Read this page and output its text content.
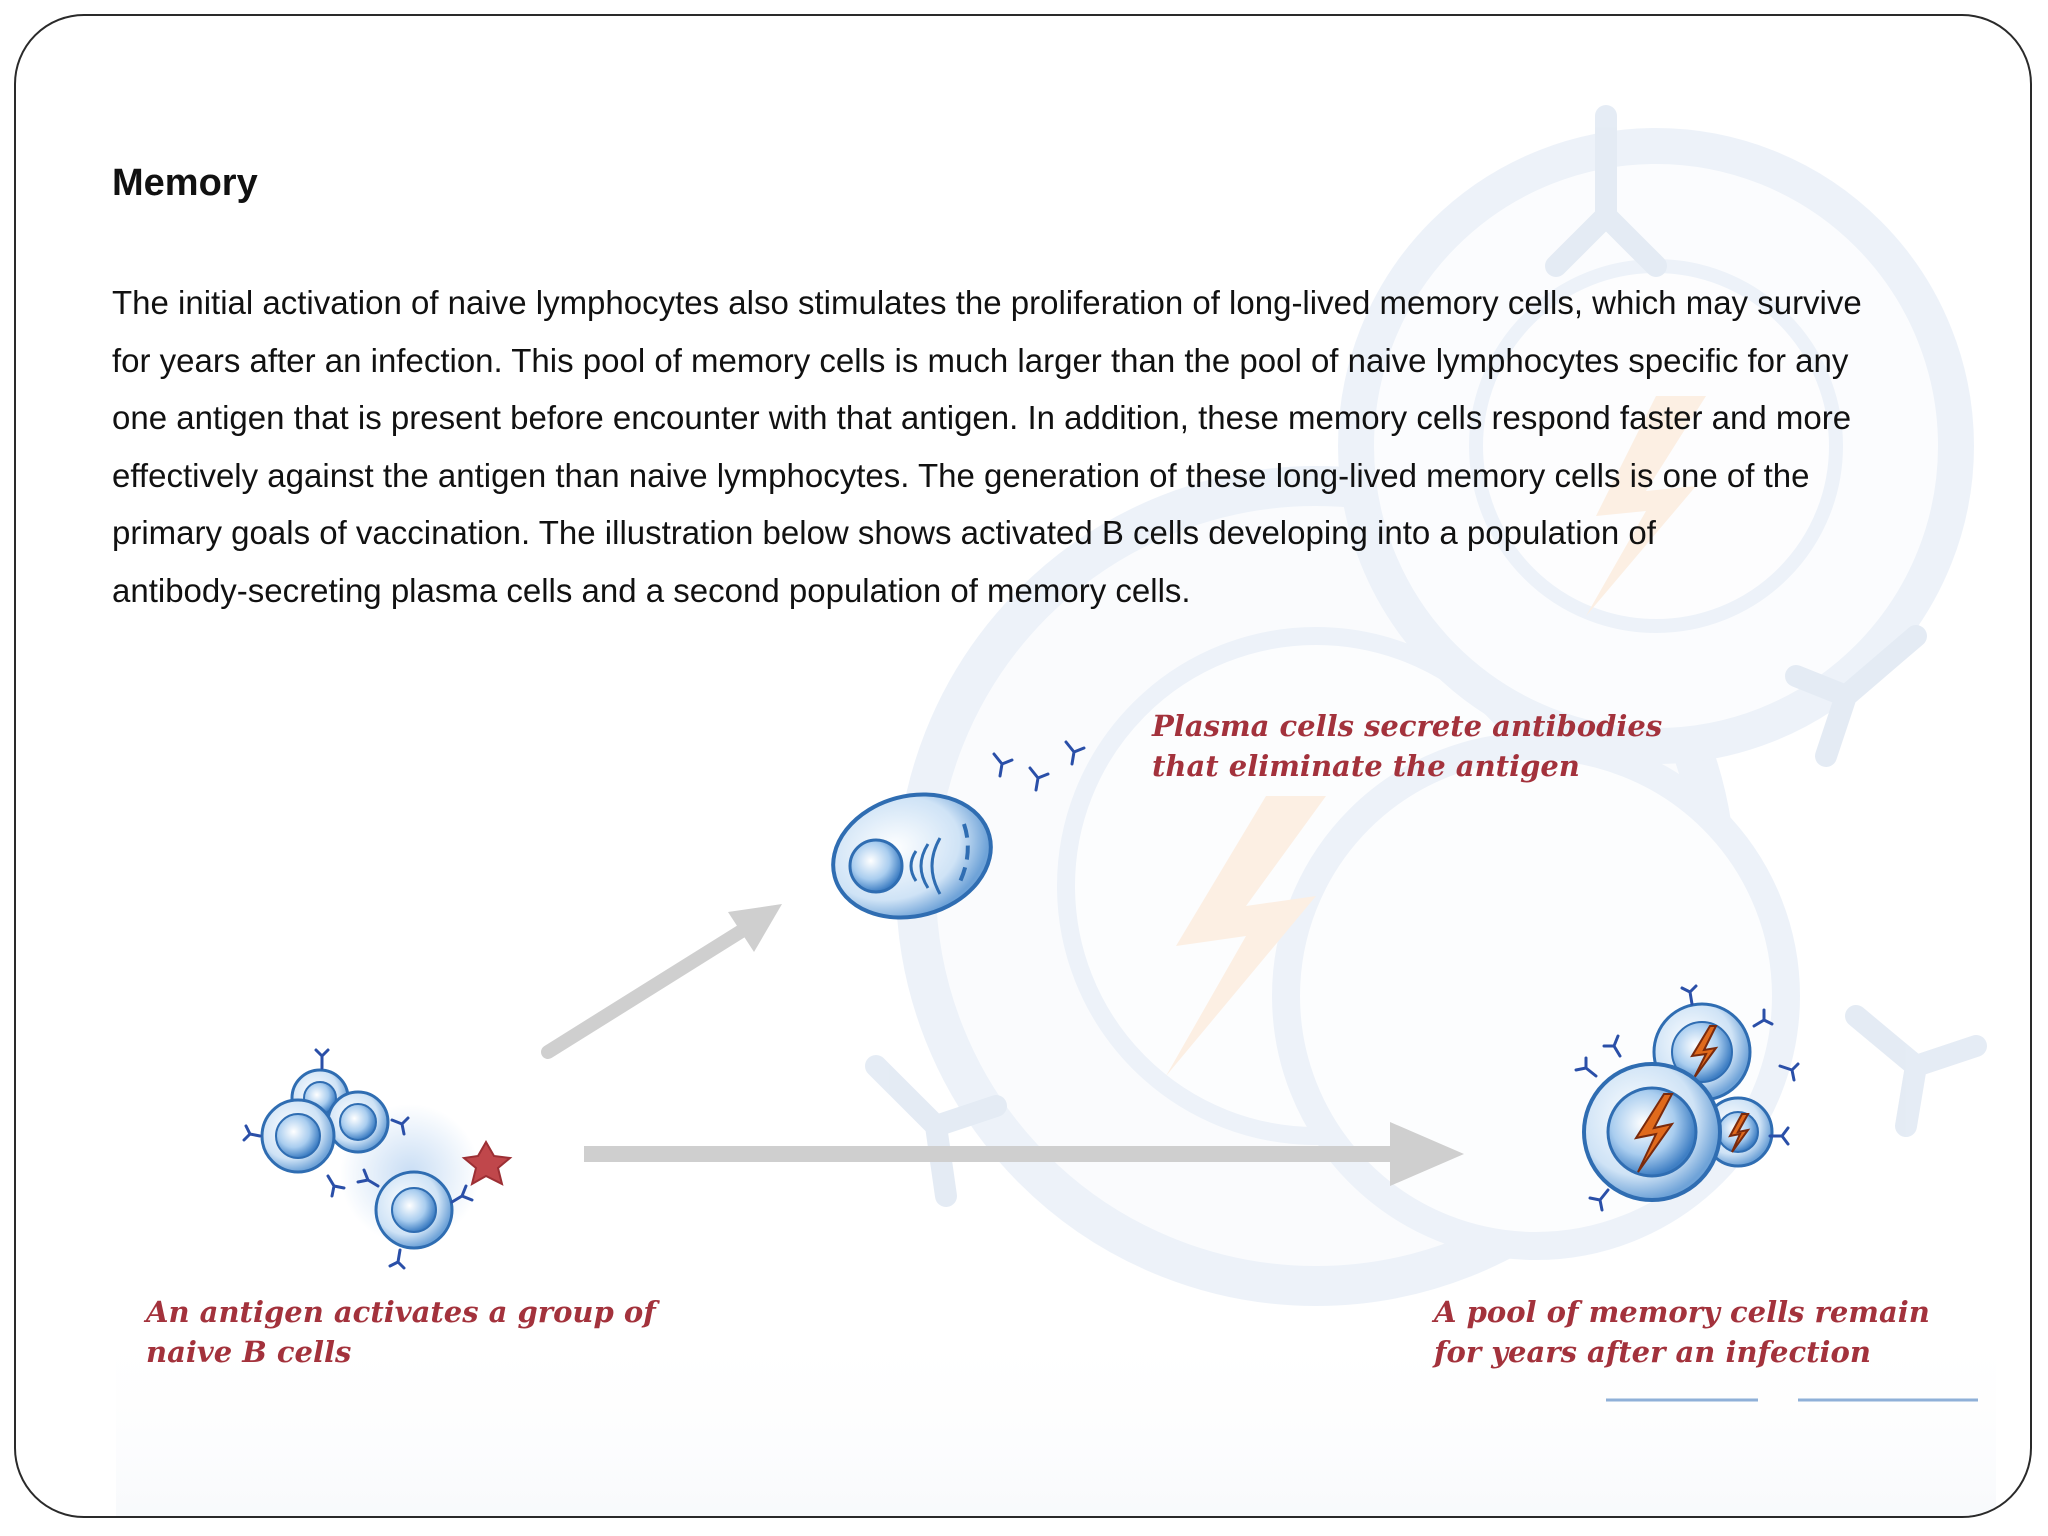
Memory

The initial activation of naive lymphocytes also stimulates the proliferation of long-lived memory cells, which may survive
for years after an infection. This pool of memory cells is much larger than the pool of naive lymphocytes specific for any
one antigen that is present before encounter with that antigen. In addition, these memory cells respond faster and more
effectively against the antigen than naive lymphocytes. The generation of these long-lived memory cells is one of the
primary goals of vaccination. The illustration below shows activated B cells developing into a population of
antibody-secreting plasma cells and a second population of memory cells.

Plasma cells secrete antibodies
that eliminate the antigen

An antigen activates a group of
naive B cells

A pool of memory cells remain
for years after an infection
